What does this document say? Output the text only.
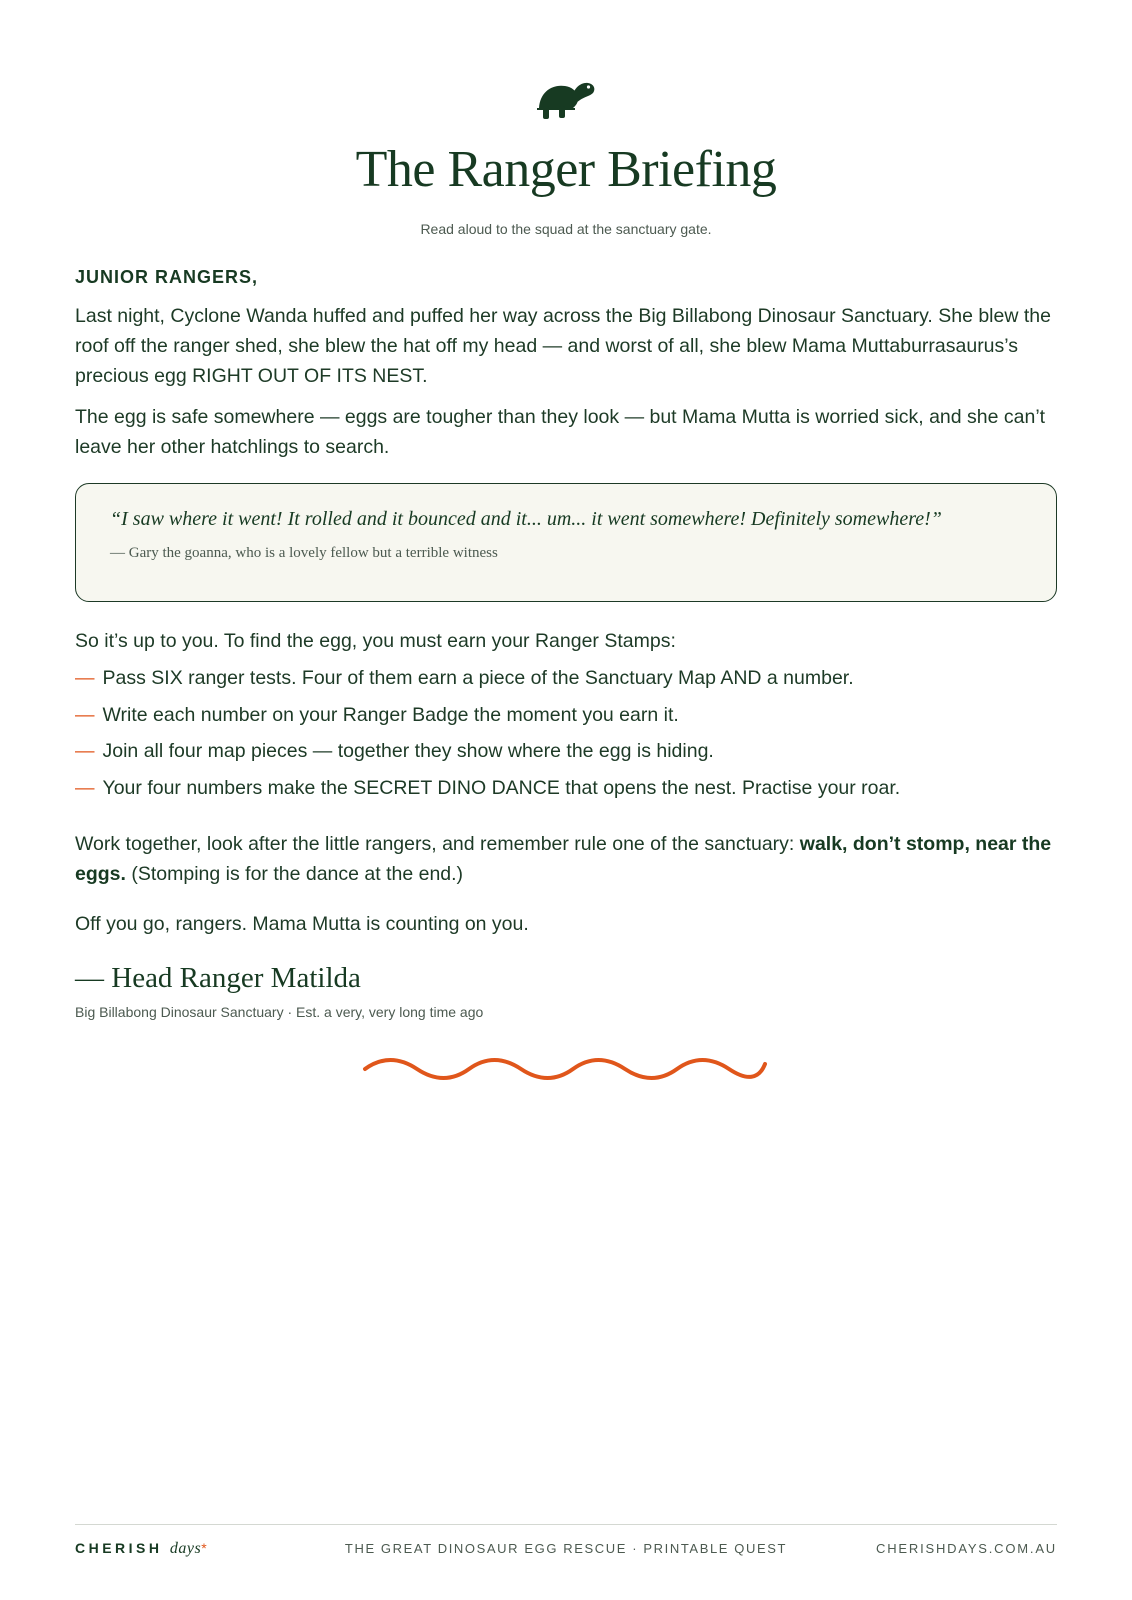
The Ranger Briefing

Read aloud to the squad at the sanctuary gate.

JUNIOR RANGERS,

Last night, Cyclone Wanda huffed and puffed her way across the Big Billabong Dinosaur Sanctuary. She blew the roof off the ranger shed, she blew the hat off my head — and worst of all, she blew Mama Muttaburrasaurus’s precious egg RIGHT OUT OF ITS NEST.

The egg is safe somewhere — eggs are tougher than they look — but Mama Mutta is worried sick, and she can’t leave her other hatchlings to search.

“I saw where it went! It rolled and it bounced and it... um... it went somewhere! Definitely somewhere!”

— Gary the goanna, who is a lovely fellow but a terrible witness

So it’s up to you. To find the egg, you must earn your Ranger Stamps:

— Pass SIX ranger tests. Four of them earn a piece of the Sanctuary Map AND a number.
— Write each number on your Ranger Badge the moment you earn it.
— Join all four map pieces — together they show where the egg is hiding.
— Your four numbers make the SECRET DINO DANCE that opens the nest. Practise your roar.

Work together, look after the little rangers, and remember rule one of the sanctuary: walk, don’t stomp, near the eggs. (Stomping is for the dance at the end.)

Off you go, rangers. Mama Mutta is counting on you.

— Head Ranger Matilda

Big Billabong Dinosaur Sanctuary · Est. a very, very long time ago

CHERISH days*	THE GREAT DINOSAUR EGG RESCUE · PRINTABLE QUEST	CHERISHDAYS.COM.AU
